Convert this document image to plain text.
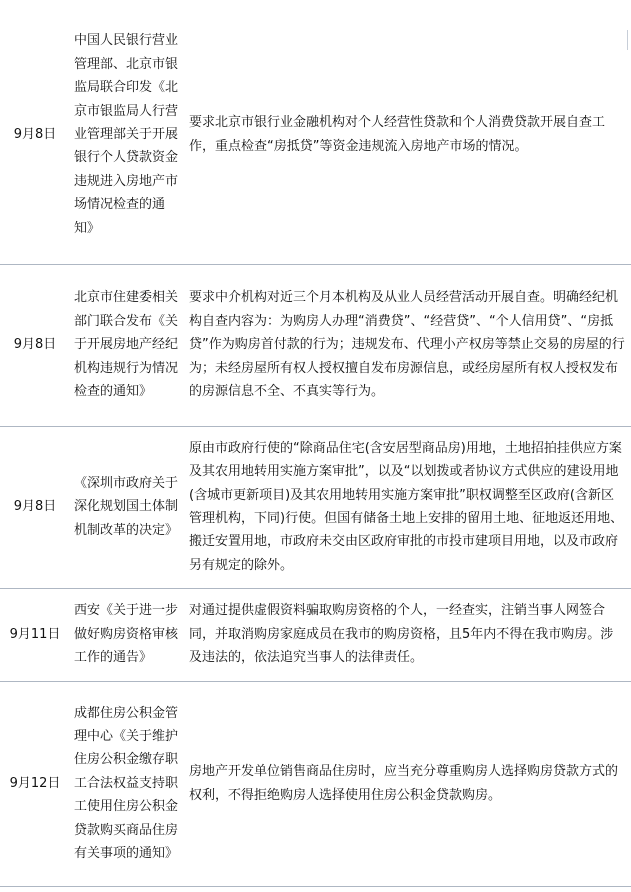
9月8日	中国人民银行营业管理部、北京市银监局联合印发《北京市银监局人行营业管理部关于开展银行个人贷款资金违规进入房地产市场情况检查的通知》	要求北京市银行业金融机构对个人经营性贷款和个人消费贷款开展自查工作，重点检查“房抵贷”等资金违规流入房地产市场的情况。
9月8日	北京市住建委相关部门联合发布《关于开展房地产经纪机构违规行为情况检查的通知》	要求中介机构对近三个月本机构及从业人员经营活动开展自查。明确经纪机构自查内容为：为购房人办理“消费贷”、“经营贷”、“个人信用贷”、“房抵贷”作为购房首付款的行为；违规发布、代理小产权房等禁止交易的房屋的行为；未经房屋所有权人授权擅自发布房源信息，或经房屋所有权人授权发布的房源信息不全、不真实等行为。
9月8日	《深圳市政府关于深化规划国土体制机制改革的决定》	原由市政府行使的“除商品住宅(含安居型商品房)用地，土地招拍挂供应方案及其农用地转用实施方案审批”，以及“以划拨或者协议方式供应的建设用地(含城市更新项目)及其农用地转用实施方案审批”职权调整至区政府(含新区管理机构，下同)行使。但国有储备土地上安排的留用土地、征地返还用地、搬迁安置用地，市政府未交由区政府审批的市投市建项目用地，以及市政府另有规定的除外。
9月11日	西安《关于进一步做好购房资格审核工作的通告》	对通过提供虚假资料骗取购房资格的个人，一经查实，注销当事人网签合同，并取消购房家庭成员在我市的购房资格，且5年内不得在我市购房。涉及违法的，依法追究当事人的法律责任。
9月12日	成都住房公积金管理中心《关于维护住房公积金缴存职工合法权益支持职工使用住房公积金贷款购买商品住房有关事项的通知》	房地产开发单位销售商品住房时，应当充分尊重购房人选择购房贷款方式的权利，不得拒绝购房人选择使用住房公积金贷款购房。
